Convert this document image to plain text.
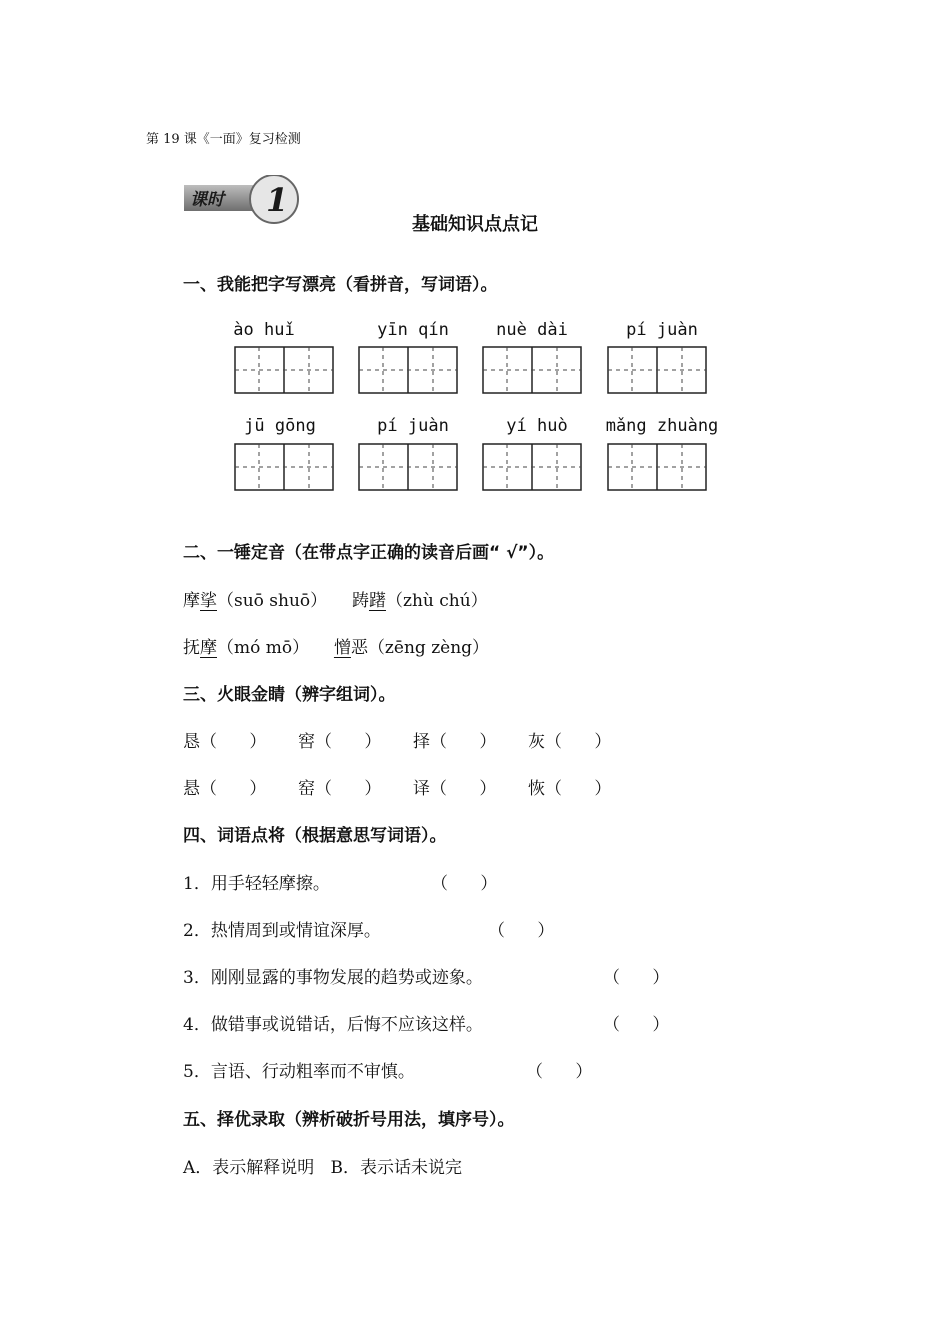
第 19 课《一面》复习检测
课时 1
基础知识点点记
一、我能把字写漂亮（看拼音，写词语）。
ào huǐ	yīn qín	nuè dài	pí juàn
jū gōng	pí juàn	yí huò	mǎng zhuàng
二、一锤定音（在带点字正确的读音后画“ √”）。
摩挲（suō shuō） 踌躇（zhù chú）
抚摩（mó mō） 憎恶（zēng zèng）
三、火眼金睛（辨字组词）。
恳（      ） 窖（      ） 择（      ） 灰（      ）
悬（      ） 窑（      ） 译（      ） 恢（      ）
四、词语点将（根据意思写词语）。
1．用手轻轻摩擦。	（      ）
2．热情周到或情谊深厚。	（      ）
3．刚刚显露的事物发展的趋势或迹象。	（      ）
4．做错事或说错话，后悔不应该这样。	（      ）
5．言语、行动粗率而不审慎。	（      ）
五、择优录取（辨析破折号用法，填序号）。
A．表示解释说明   B．表示话未说完
